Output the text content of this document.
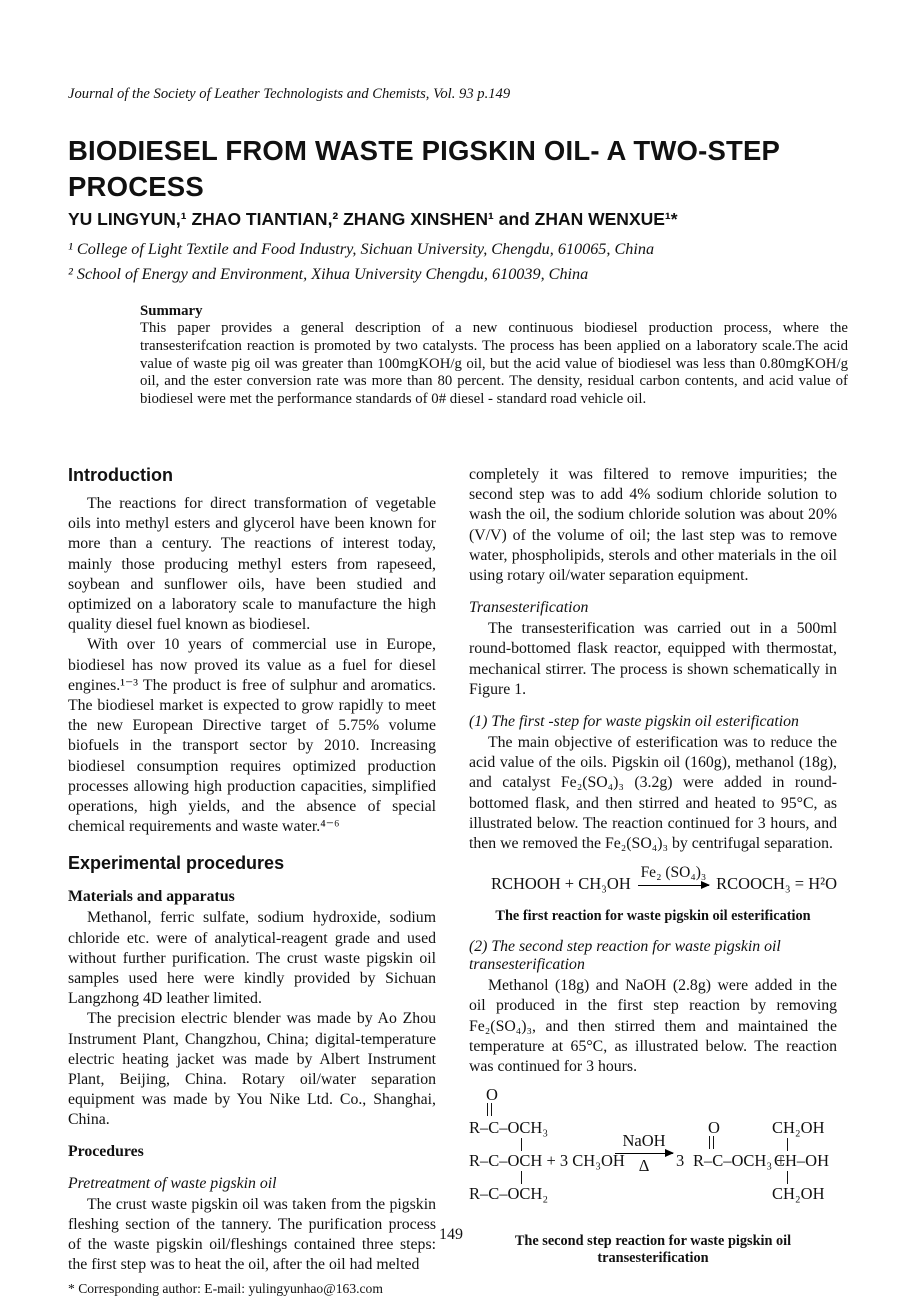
Journal of the Society of Leather Technologists and Chemists, Vol. 93 p.149
BIODIESEL FROM WASTE PIGSKIN OIL- A TWO-STEP
PROCESS
YU LINGYUN,¹ ZHAO TIANTIAN,² ZHANG XINSHEN¹ and ZHAN WENXUE¹*
¹ College of Light Textile and Food Industry, Sichuan University, Chengdu, 610065, China
² School of Energy and Environment, Xihua University Chengdu, 610039, China
Summary

This paper provides a general description of a new continuous biodiesel production process, where the transesterifcation reaction is promoted by two catalysts. The process has been applied on a laboratory scale.The acid value of waste pig oil was greater than 100mgKOH/g oil, but the acid value of biodiesel was less than 0.80mgKOH/g oil, and the ester conversion rate was more than 80 percent. The density, residual carbon contents, and acid value of biodiesel were met the performance standards of 0# diesel - standard road vehicle oil.

Introduction

The reactions for direct transformation of vegetable oils into methyl esters and glycerol have been known for more than a century. The reactions of interest today, mainly those producing methyl esters from rapeseed, soybean and sunflower oils, have been studied and optimized on a laboratory scale to manufacture the high quality diesel fuel known as biodiesel.

With over 10 years of commercial use in Europe, biodiesel has now proved its value as a fuel for diesel engines.¹⁻³ The product is free of sulphur and aromatics. The biodiesel market is expected to grow rapidly to meet the new European Directive target of 5.75% volume biofuels in the transport sector by 2010. Increasing biodiesel consumption requires optimized production processes allowing high production capacities, simplified operations, high yields, and the absence of special chemical requirements and waste water.⁴⁻⁶

Experimental procedures
Materials and apparatus

Methanol, ferric sulfate, sodium hydroxide, sodium chloride etc. were of analytical-reagent grade and used without further purification. The crust waste pigskin oil samples used here were kindly provided by Sichuan Langzhong 4D leather limited.

The precision electric blender was made by Ao Zhou Instrument Plant, Changzhou, China; digital-temperature electric heating jacket was made by Albert Instrument Plant, Beijing, China. Rotary oil/water separation equipment was made by You Nike Ltd. Co., Shanghai, China.

Procedures
Pretreatment of waste pigskin oil

The crust waste pigskin oil was taken from the pigskin fleshing section of the tannery. The purification process of the waste pigskin oil/fleshings contained three steps: the first step was to heat the oil, after the oil had melted

* Corresponding author: E-mail: yulingyunhao@163.com

completely it was filtered to remove impurities; the second step was to add 4% sodium chloride solution to wash the oil, the sodium chloride solution was about 20% (V/V) of the volume of oil; the last step was to remove water, phospholipids, sterols and other materials in the oil using rotary oil/water separation equipment.

Transesterification

The transesterification was carried out in a 500ml round-bottomed flask reactor, equipped with thermostat, mechanical stirrer. The process is shown schematically in Figure 1.

(1) The first -step for waste pigskin oil esterification

The main objective of esterification was to reduce the acid value of the oils. Pigskin oil (160g), methanol (18g), and catalyst Fe₂(SO₄)₃ (3.2g) were added in round-bottomed flask, and then stirred and heated to 95°C, as illustrated below. The reaction continued for 3 hours, and then we removed the Fe₂(SO₄)₃ by centrifugal separation.

RCHOOH + CH₃OH
Fe₂ (SO₄)₃
RCOOCH₃ = H²O
The first reaction for waste pigskin oil esterification
(2) The second step reaction for waste pigskin oil transesterification

Methanol (18g) and NaOH (2.8g) were added in the oil produced in the first step reaction by removing Fe₂(SO₄)₃, and then stirred them and maintained the temperature at 65°C, as illustrated below. The reaction was continued for 3 hours.

O
R–C–OCH₃
R–C–OCH + 3 CH₃OH
R–C–OCH₂
NaOH
Δ 3 R–C–OCH₃ +
O	CH₂OH
CH–OH
CH₂OH
The second step reaction for waste pigskin oil transesterification
149
